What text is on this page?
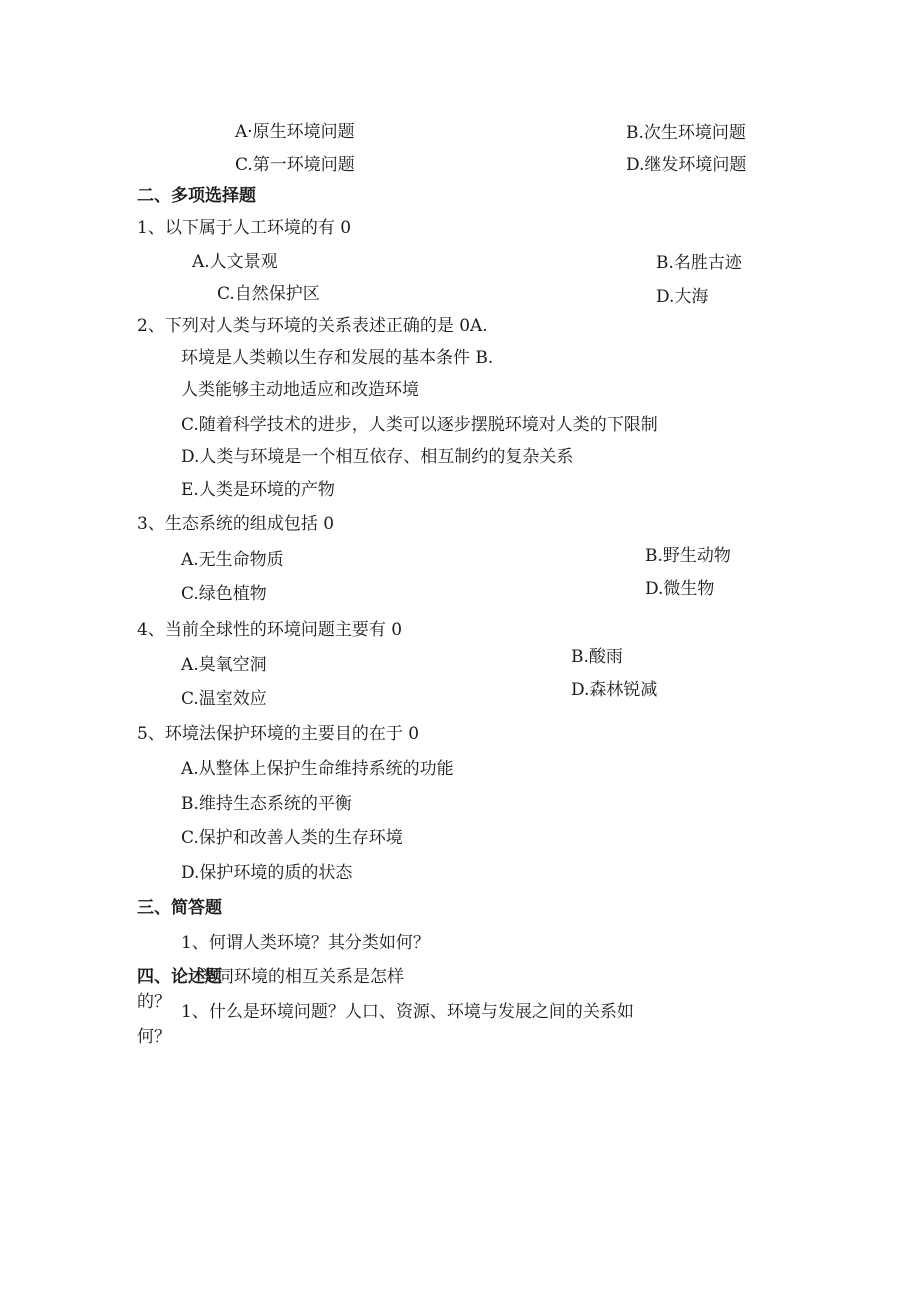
A·原生环境问题	B.次生环境问题
C.第一环境问题	D.继发环境问题
二、多项选择题
1、以下属于人工环境的有 0
A.人文景观	B.名胜古迹
C.自然保护区	D.大海
2、下列对人类与环境的关系表述正确的是 0A.
环境是人类赖以生存和发展的基本条件 B.
人类能够主动地适应和改造环境
C.随着科学技术的进步，人类可以逐步摆脱环境对人类的下限制
D.人类与环境是一个相互依存、相互制约的复杂关系
E.人类是环境的产物
3、生态系统的组成包括 0
A.无生命物质	B.野生动物
C.绿色植物	D.微生物
4、当前全球性的环境问题主要有 0
A.臭氧空洞	B.酸雨
C.温室效应	D.森林锐减
5、环境法保护环境的主要目的在于 0
A.从整体上保护生命维持系统的功能
B.维持生态系统的平衡
C.保护和改善人类的生存环境
D.保护环境的质的状态
三、简答题
1、何谓人类环境？其分类如何？
类同环境的相互关系是怎样
四、论述题
的？ 1、什么是环境问题？人口、资源、环境与发展之间的关系如
何？
